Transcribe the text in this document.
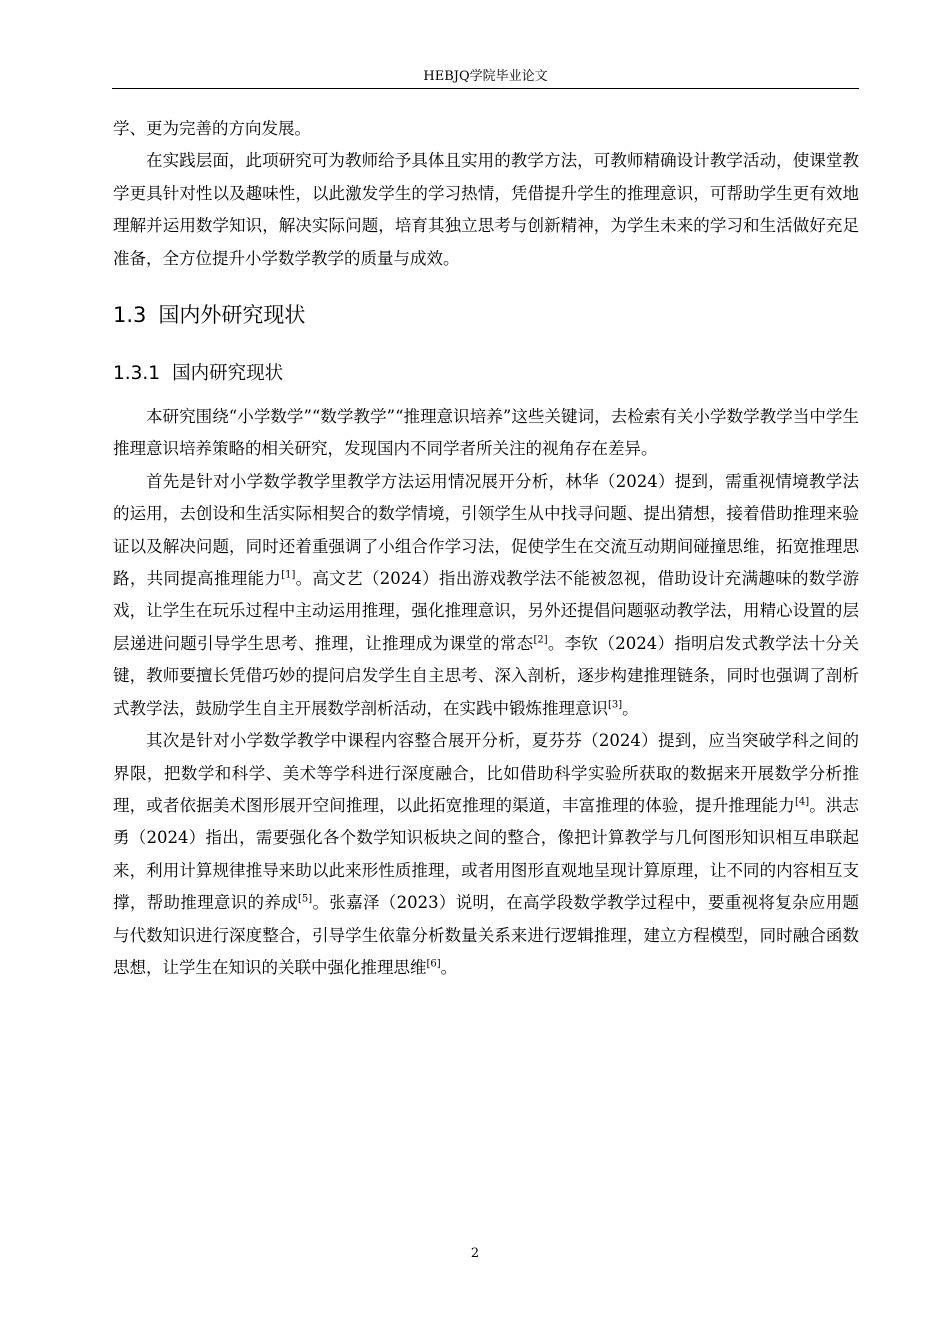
HEBJQ学院毕业论文

学、更为完善的方向发展。

在实践层面，此项研究可为教师给予具体且实用的教学方法，可教师精确设计教学活动，使课堂教学更具针对性以及趣味性，以此激发学生的学习热情，凭借提升学生的推理意识，可帮助学生更有效地理解并运用数学知识，解决实际问题，培育其独立思考与创新精神，为学生未来的学习和生活做好充足准备，全方位提升小学数学教学的质量与成效。

1.3 国内外研究现状
1.3.1 国内研究现状

本研究围绕“小学数学”“数学教学”“推理意识培养”这些关键词，去检索有关小学数学教学当中学生推理意识培养策略的相关研究，发现国内不同学者所关注的视角存在差异。

首先是针对小学数学教学里教学方法运用情况展开分析，林华（2024）提到，需重视情境教学法的运用，去创设和生活实际相契合的数学情境，引领学生从中找寻问题、提出猜想，接着借助推理来验证以及解决问题，同时还着重强调了小组合作学习法，促使学生在交流互动期间碰撞思维，拓宽推理思路，共同提高推理能力[1]。高文艺（2024）指出游戏教学法不能被忽视，借助设计充满趣味的数学游戏，让学生在玩乐过程中主动运用推理，强化推理意识，另外还提倡问题驱动教学法，用精心设置的层层递进问题引导学生思考、推理，让推理成为课堂的常态[2]。李钦（2024）指明启发式教学法十分关键，教师要擅长凭借巧妙的提问启发学生自主思考、深入剖析，逐步构建推理链条，同时也强调了剖析式教学法，鼓励学生自主开展数学剖析活动，在实践中锻炼推理意识[3]。

其次是针对小学数学教学中课程内容整合展开分析，夏芬芬（2024）提到，应当突破学科之间的界限，把数学和科学、美术等学科进行深度融合，比如借助科学实验所获取的数据来开展数学分析推理，或者依据美术图形展开空间推理，以此拓宽推理的渠道，丰富推理的体验，提升推理能力[4]。洪志勇（2024）指出，需要强化各个数学知识板块之间的整合，像把计算教学与几何图形知识相互串联起来，利用计算规律推导来助以此来形性质推理，或者用图形直观地呈现计算原理，让不同的内容相互支撑，帮助推理意识的养成[5]。张嘉泽（2023）说明，在高学段数学教学过程中，要重视将复杂应用题与代数知识进行深度整合，引导学生依靠分析数量关系来进行逻辑推理，建立方程模型，同时融合函数思想，让学生在知识的关联中强化推理思维[6]。

2
